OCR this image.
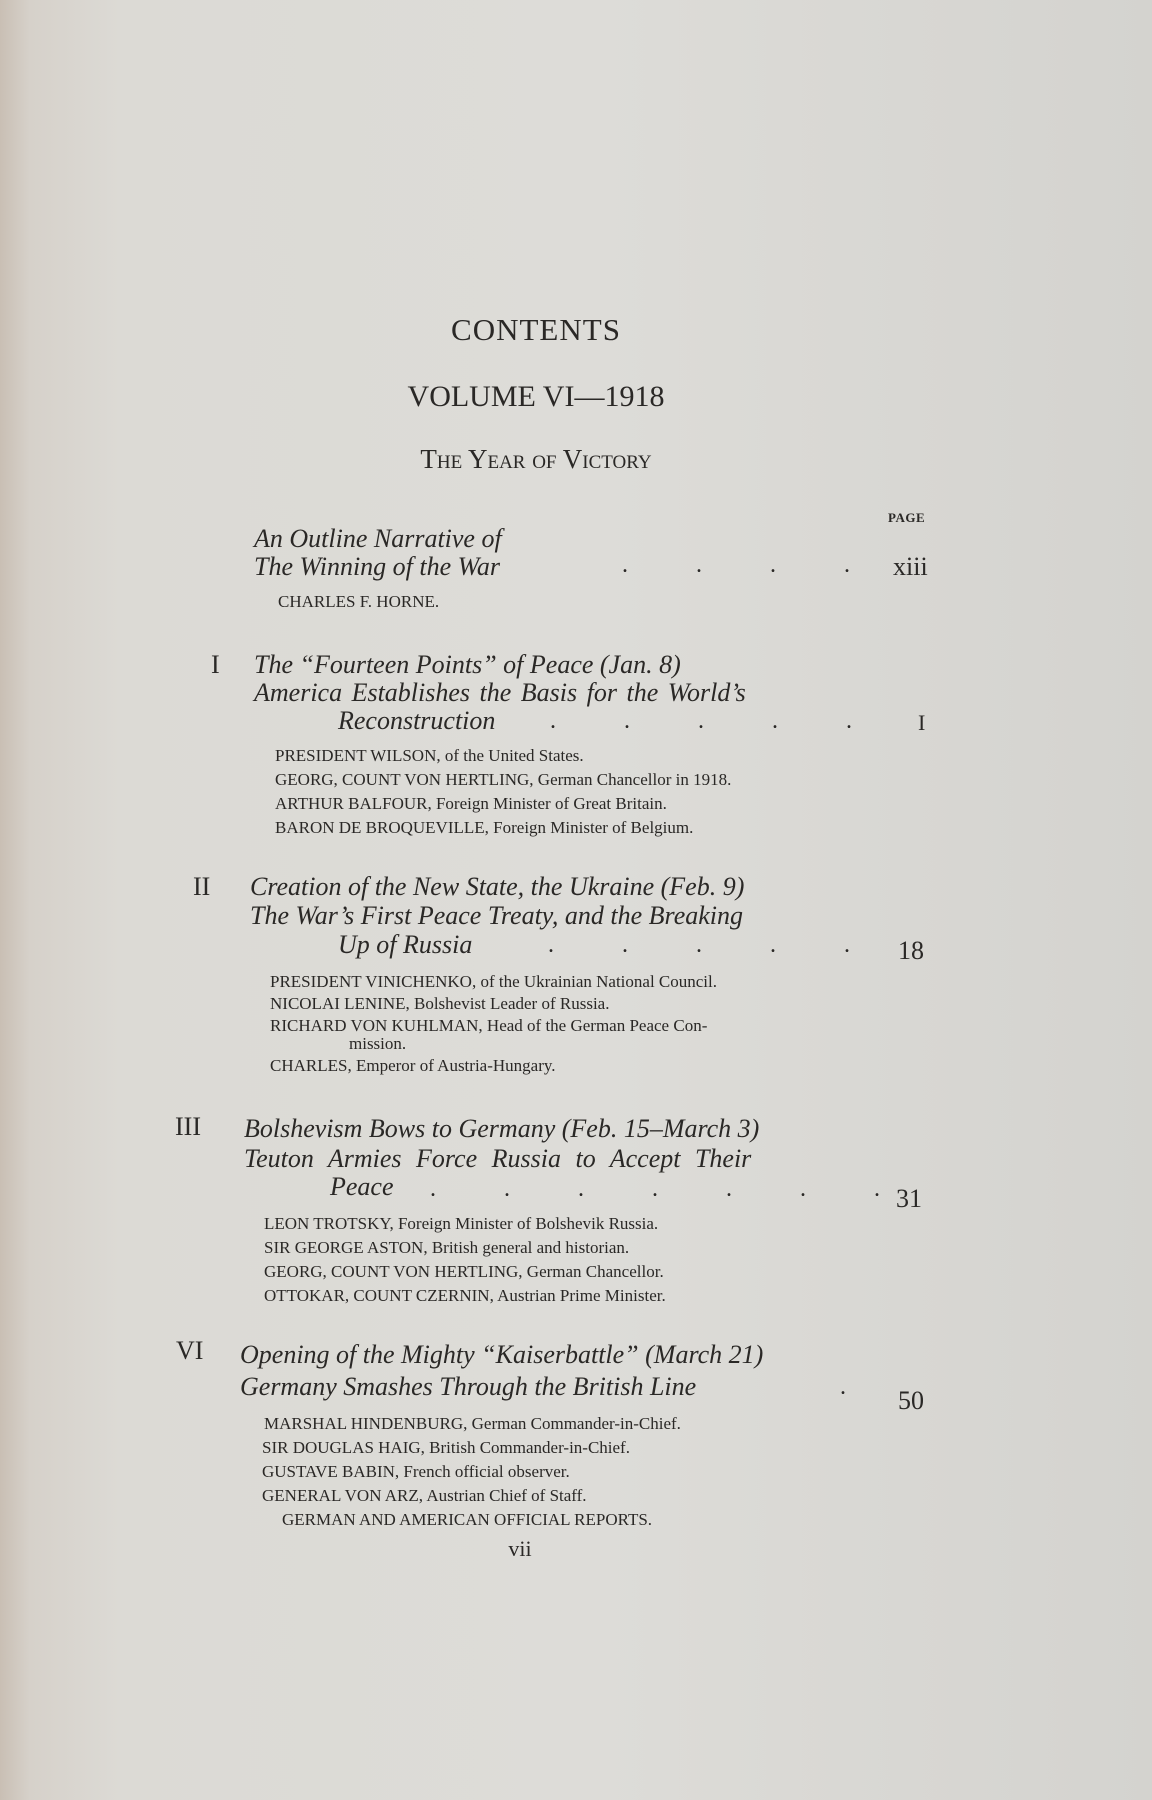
CONTENTS
VOLUME VI—1918
The Year of Victory
PAGE
An Outline Narrative of
The Winning of the War	. . . . xiii
CHARLES F. HORNE.
I The “Fourteen Points” of Peace (Jan. 8)
America Establishes the Basis for the World’s
Reconstruction . . . . .	I
PRESIDENT WILSON, of the United States.
GEORG, COUNT VON HERTLING, German Chancellor in 1918.
ARTHUR BALFOUR, Foreign Minister of Great Britain.
BARON DE BROQUEVILLE, Foreign Minister of Belgium.
II Creation of the New State, the Ukraine (Feb. 9)
The War’s First Peace Treaty, and the Breaking
Up of Russia	. . . . . 18
PRESIDENT VINICHENKO, of the Ukrainian National Council.
NICOLAI LENINE, Bolshevist Leader of Russia.
RICHARD VON KUHLMAN, Head of the German Peace Con-
mission.
CHARLES, Emperor of Austria-Hungary.
III Bolshevism Bows to Germany (Feb. 15–March 3)
Teuton Armies Force Russia to Accept Their
Peace . . . . . . . 31
LEON TROTSKY, Foreign Minister of Bolshevik Russia.
SIR GEORGE ASTON, British general and historian.
GEORG, COUNT VON HERTLING, German Chancellor.
OTTOKAR, COUNT CZERNIN, Austrian Prime Minister.
VI Opening of the Mighty “Kaiserbattle” (March 21)
Germany Smashes Through the British Line	. 50
MARSHAL HINDENBURG, German Commander-in-Chief.
SIR DOUGLAS HAIG, British Commander-in-Chief.
GUSTAVE BABIN, French official observer.
GENERAL VON ARZ, Austrian Chief of Staff.
GERMAN AND AMERICAN OFFICIAL REPORTS.
vii
